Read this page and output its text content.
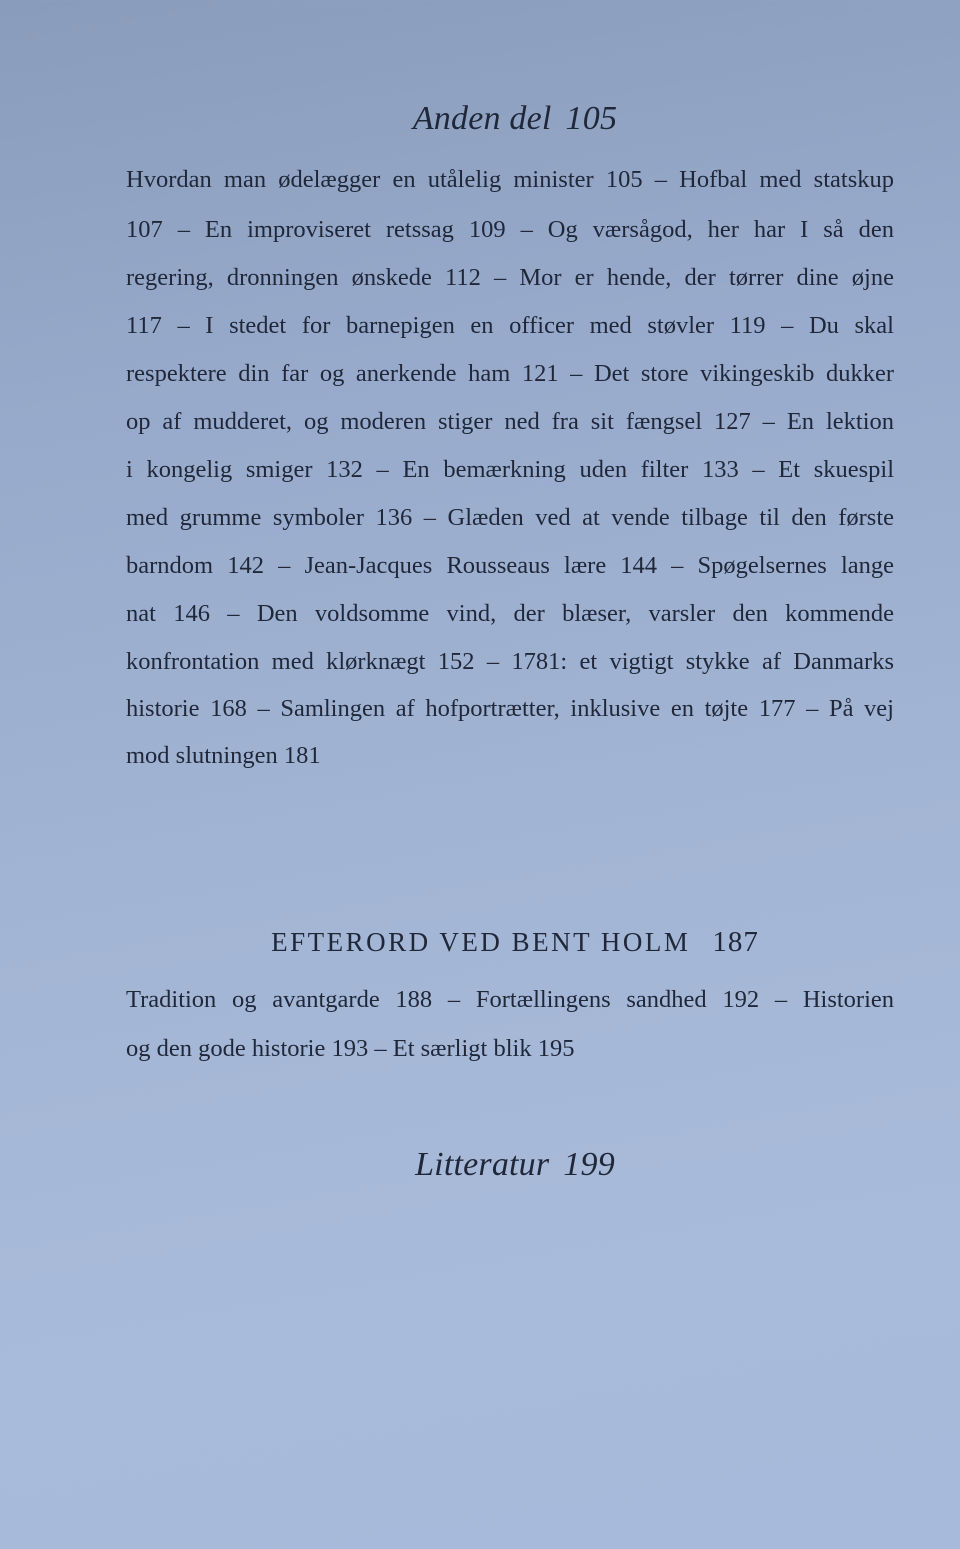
Anden del 105
Hvordan man ødelægger en utålelig minister 105 – Hofbal med statskup
107 – En improviseret retssag 109 – Og værsågod, her har I så den
regering, dronningen ønskede 112 – Mor er hende, der tørrer dine øjne
117 – I stedet for barnepigen en officer med støvler 119 – Du skal
respektere din far og anerkende ham 121 – Det store vikingeskib dukker
op af mudderet, og moderen stiger ned fra sit fængsel 127 – En lektion
i kongelig smiger 132 – En bemærkning uden filter 133 – Et skuespil
med grumme symboler 136 – Glæden ved at vende tilbage til den første
barndom 142 – Jean-Jacques Rousseaus lære 144 – Spøgelsernes lange
nat 146 – Den voldsomme vind, der blæser, varsler den kommende
konfrontation med klørknægt 152 – 1781: et vigtigt stykke af Danmarks
historie 168 – Samlingen af hofportrætter, inklusive en tøjte 177 – På vej
mod slutningen 181
EFTERORD VED BENT HOLM 187
Tradition og avantgarde 188 – Fortællingens sandhed 192 – Historien
og den gode historie 193 – Et særligt blik 195
Litteratur 199
